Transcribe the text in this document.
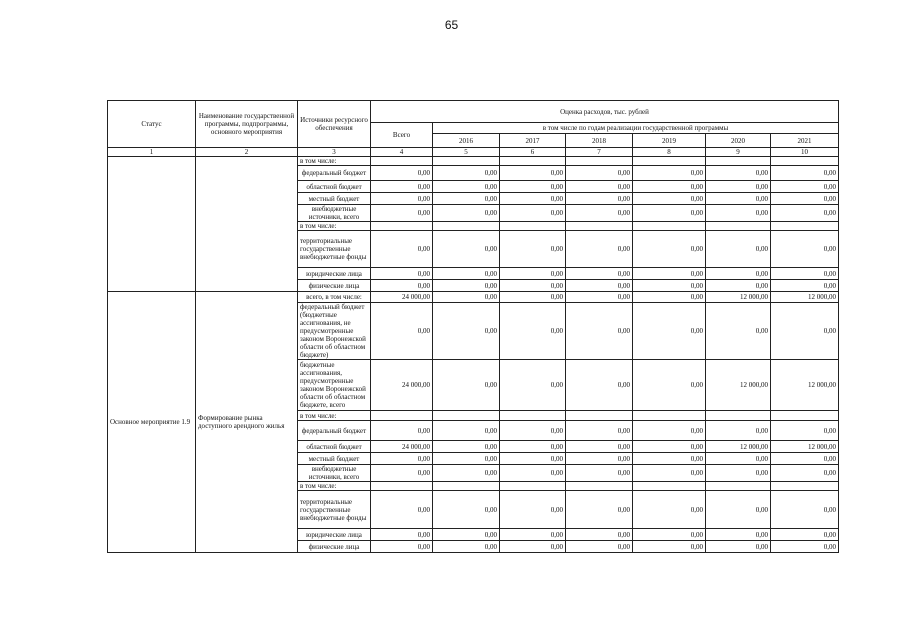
65
Статус	Наименование государственной программы, подпрограммы, основного мероприятия	Источники ресурсного обеспечения	Оценка расходов, тыс. рублей						
			Всего	в том числе по годам реализации государственной программы					
				2016	2017	2018	2019	2020	2021
1	2	3	4	5	6	7	8	9	10
		в том числе:							
		федеральный бюджет	0,00	0,00	0,00	0,00	0,00	0,00	0,00
		областной бюджет	0,00	0,00	0,00	0,00	0,00	0,00	0,00
		местный бюджет	0,00	0,00	0,00	0,00	0,00	0,00	0,00
		внебюджетные источники, всего	0,00	0,00	0,00	0,00	0,00	0,00	0,00
		в том числе:							
		территориальные государственные внебюджетные фонды	0,00	0,00	0,00	0,00	0,00	0,00	0,00
		юридические лица	0,00	0,00	0,00	0,00	0,00	0,00	0,00
		физические лица	0,00	0,00	0,00	0,00	0,00	0,00	0,00
Основное мероприятие 1.9	Формирование рынка доступного арендного жилья	всего, в том числе:	24 000,00	0,00	0,00	0,00	0,00	12 000,00	12 000,00
		федеральный бюджет (бюджетные ассигнования, не предусмотренные законом Воронежской области об областном бюджете)	0,00	0,00	0,00	0,00	0,00	0,00	0,00
		бюджетные ассигнования, предусмотренные законом Воронежской области об областном бюджете, всего	24 000,00	0,00	0,00	0,00	0,00	12 000,00	12 000,00
		в том числе:							
		федеральный бюджет	0,00	0,00	0,00	0,00	0,00	0,00	0,00
		областной бюджет	24 000,00	0,00	0,00	0,00	0,00	12 000,00	12 000,00
		местный бюджет	0,00	0,00	0,00	0,00	0,00	0,00	0,00
		внебюджетные источники, всего	0,00	0,00	0,00	0,00	0,00	0,00	0,00
		в том числе:							
		территориальные государственные внебюджетные фонды	0,00	0,00	0,00	0,00	0,00	0,00	0,00
		юридические лица	0,00	0,00	0,00	0,00	0,00	0,00	0,00
		физические лица	0,00	0,00	0,00	0,00	0,00	0,00	0,00
